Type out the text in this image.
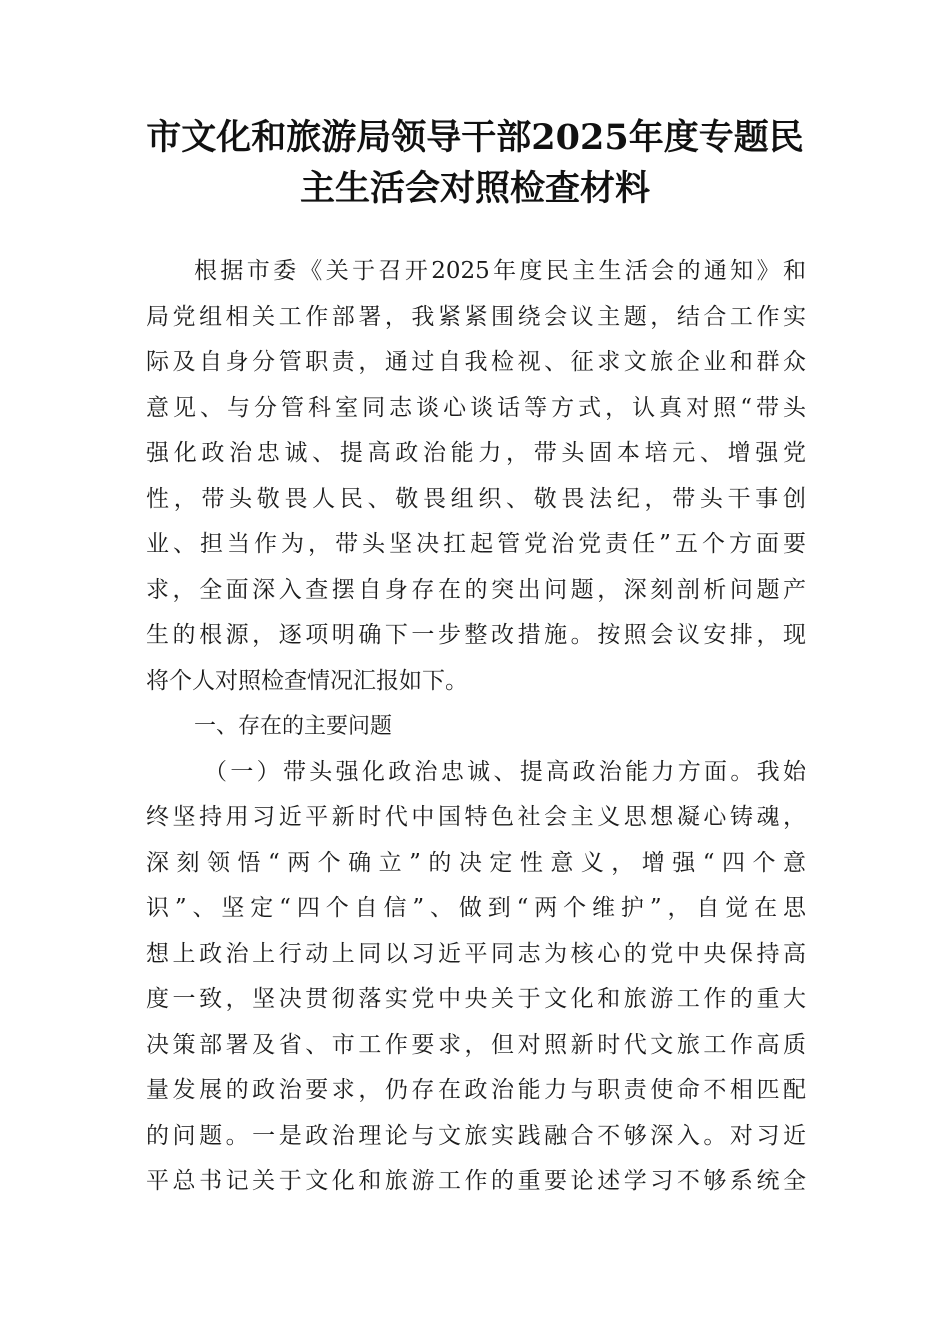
市文化和旅游局领导干部2025年度专题民
主生活会对照检查材料
根据市委《关于召开2025年度民主生活会的通知》和
局党组相关工作部署，我紧紧围绕会议主题，结合工作实
际及自身分管职责，通过自我检视、征求文旅企业和群众
意见、与分管科室同志谈心谈话等方式，认真对照“带头
强化政治忠诚、提高政治能力，带头固本培元、增强党
性，带头敬畏人民、敬畏组织、敬畏法纪，带头干事创
业、担当作为，带头坚决扛起管党治党责任”五个方面要
求，全面深入查摆自身存在的突出问题，深刻剖析问题产
生的根源，逐项明确下一步整改措施。按照会议安排，现
将个人对照检查情况汇报如下。
一、存在的主要问题
（一）带头强化政治忠诚、提高政治能力方面。我始
终坚持用习近平新时代中国特色社会主义思想凝心铸魂，
深刻领悟“两个确立”的决定性意义，增强“四个意
识”、坚定“四个自信”、做到“两个维护”，自觉在思
想上政治上行动上同以习近平同志为核心的党中央保持高
度一致，坚决贯彻落实党中央关于文化和旅游工作的重大
决策部署及省、市工作要求，但对照新时代文旅工作高质
量发展的政治要求，仍存在政治能力与职责使命不相匹配
的问题。一是政治理论与文旅实践融合不够深入。对习近
平总书记关于文化和旅游工作的重要论述学习不够系统全
